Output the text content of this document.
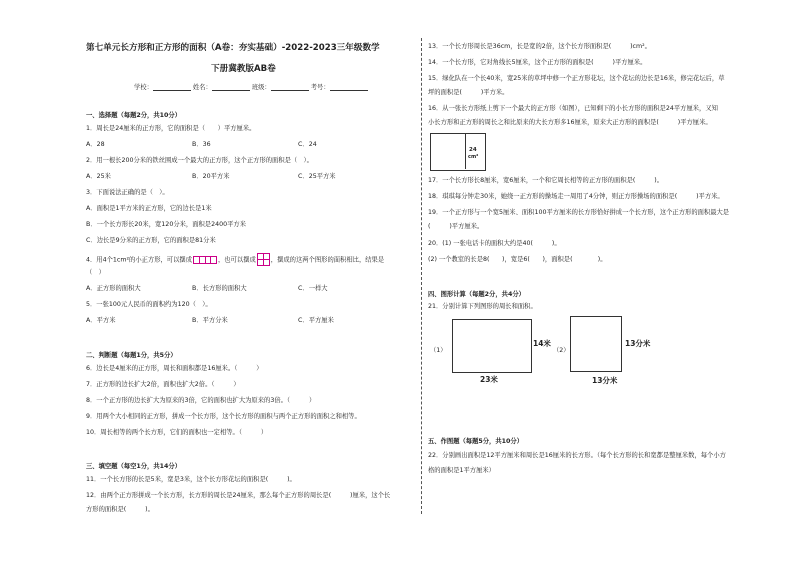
第七单元长方形和正方形的面积（A卷：夯实基础）-2022-2023三年级数学
下册冀教版AB卷
学校：	姓名：	班级：	考号：
一、选择题（每题2分，共10分）
1．周长是24厘米的正方形，它的面积是（　　）平方厘米。
A．28	B．36	C．24
2．用一根长200分米的铁丝围成一个最大的正方形，这个正方形的面积是（　）。
A．25米	B．20平方米	C．25平方米
3．下面说法正确的是（　）。
A．面积是1平方米的正方形，它的边长是1米
B．一个长方形长20米，宽120分米，面积是2400平方米
C．边长是9分米的正方形，它的面积是81分米
4．用4个1cm²的小正方形，可以摆成	，也可以摆成 ，摆成的这两个图形的面积相比，结果是
（　）
A．正方形的面积大	B．长方形的面积大	C．一样大
5．一张100元人民币的面积约为120（　）。
A．平方米	B．平方分米	C．平方厘米
二、判断题（每题1分，共5分）
6．边长是4厘米的正方形，周长和面积都是16厘米。（　　　）
7．正方形的边长扩大2倍，面积也扩大2倍。（　　　）
8．一个正方形的边长扩大为原来的3倍，它的面积也扩大为原来的3倍。（　　　）
9．用两个大小相同的正方形，拼成一个长方形，这个长方形的面积与两个正方形的面积之和相等。
10．周长相等的两个长方形，它们的面积也一定相等。（　　　）
三、填空题（每空1分，共14分）
11．一个长方形的长是5米，宽是3米，这个长方形花坛的面积是(　　　)。
12．由两个正方形拼成一个长方形，长方形的周长是24厘米，那么每个正方形的周长是(　　　)厘米，这个长
方形的面积是(　　　)。
13．一个长方形周长是36cm，长是宽的2倍，这个长方形面积是(　　　)cm²。
14．一个长方形，它对角线长5厘米，这个正方形的面积是(　　　)平方厘米。
15．绿化队在一个长40米，宽25米的草坪中修一个正方形花坛，这个花坛的边长是16米，修完花坛后，草
坪的面积是(　　　)平方米。
16．从一张长方形纸上剪下一个最大的正方形（如图），已知剩下的小长方形的面积是24平方厘米，又知
小长方形和正方形的周长之和比原来的大长方形多16厘米，原来大正方形的面积是(　　　)平方厘米。
24
cm²
17．一个长方形长8厘米，宽6厘米，一个和它周长相等的正方形的面积是(　　　)。
18．琪琪每分钟走30米，她绕一正方形的操场走一周用了4分钟，则正方形操场的面积是(　　　)平方米。
19．一个正方形与一个宽5厘米、面积100平方厘米的长方形恰好拼成一个长方形，这个正方形的面积最大是
(　　　)平方厘米。
20．(1) 一张电话卡的面积大约是40(　　　)。
(2) 一个教室的长是8(　　)，宽是6(　　)，面积是(　　　　)。
四、图形计算（每题2分，共4分）
21．分别计算下列图形的周长和面积。
（1）
14米
23米
（2）
13分米
13分米
五、作图题（每题5分，共10分）
22．分别画出面积是12平方厘米和周长是16厘米的长方形。（每个长方形的长和宽都是整厘米数，每个小方
格的面积是1平方厘米）
